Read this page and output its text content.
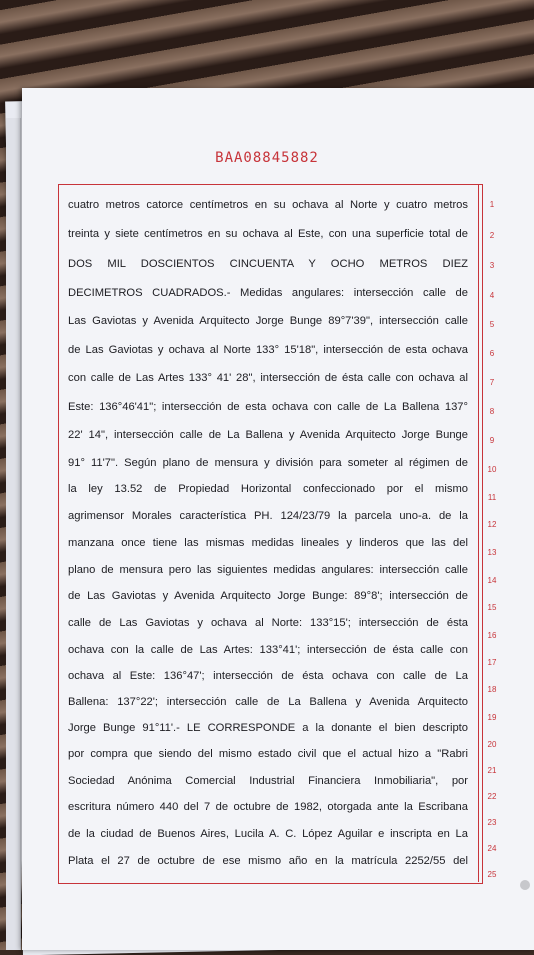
BAA08845882
cuatro metros catorce centímetros en su ochava al Norte y cuatro metros
treinta y siete centímetros en su ochava al Este, con una superficie total de
DOS MIL DOSCIENTOS CINCUENTA Y OCHO METROS DIEZ
DECIMETROS CUADRADOS.- Medidas angulares: intersección calle de
Las Gaviotas y Avenida Arquitecto Jorge Bunge 89°7'39", intersección calle
de Las Gaviotas y ochava al Norte 133° 15'18", intersección de esta ochava
con calle de Las Artes 133° 41' 28", intersección de ésta calle con ochava al
Este: 136°46'41"; intersección de esta ochava con calle de La Ballena 137°
22' 14", intersección calle de La Ballena y Avenida Arquitecto Jorge Bunge
91° 11'7". Según plano de mensura y división para someter al régimen de
la ley 13.52 de Propiedad Horizontal confeccionado por el mismo
agrimensor Morales característica PH. 124/23/79 la parcela uno-a. de la
manzana once tiene las mismas medidas lineales y linderos que las del
plano de mensura pero las siguientes medidas angulares: intersección calle
de Las Gaviotas y Avenida Arquitecto Jorge Bunge: 89°8'; intersección de
calle de Las Gaviotas y ochava al Norte: 133°15'; intersección de ésta
ochava con la calle de Las Artes: 133°41'; intersección de ésta calle con
ochava al Este: 136°47'; intersección de ésta ochava con calle de La
Ballena: 137°22'; intersección calle de La Ballena y Avenida Arquitecto
Jorge Bunge 91°11'.- LE CORRESPONDE a la donante el bien descripto
por compra que siendo del mismo estado civil que el actual hizo a "Rabri
Sociedad Anónima Comercial Industrial Financiera Inmobiliaria", por
escritura número 440 del 7 de octubre de 1982, otorgada ante la Escribana
de la ciudad de Buenos Aires, Lucila A. C. López Aguilar e inscripta en La
Plata el 27 de octubre de ese mismo año en la matrícula 2252/55 del
1
2
3
4
5
6
7
8
9
10
11
12
13
14
15
16
17
18
19
20
21
22
23
24
25
